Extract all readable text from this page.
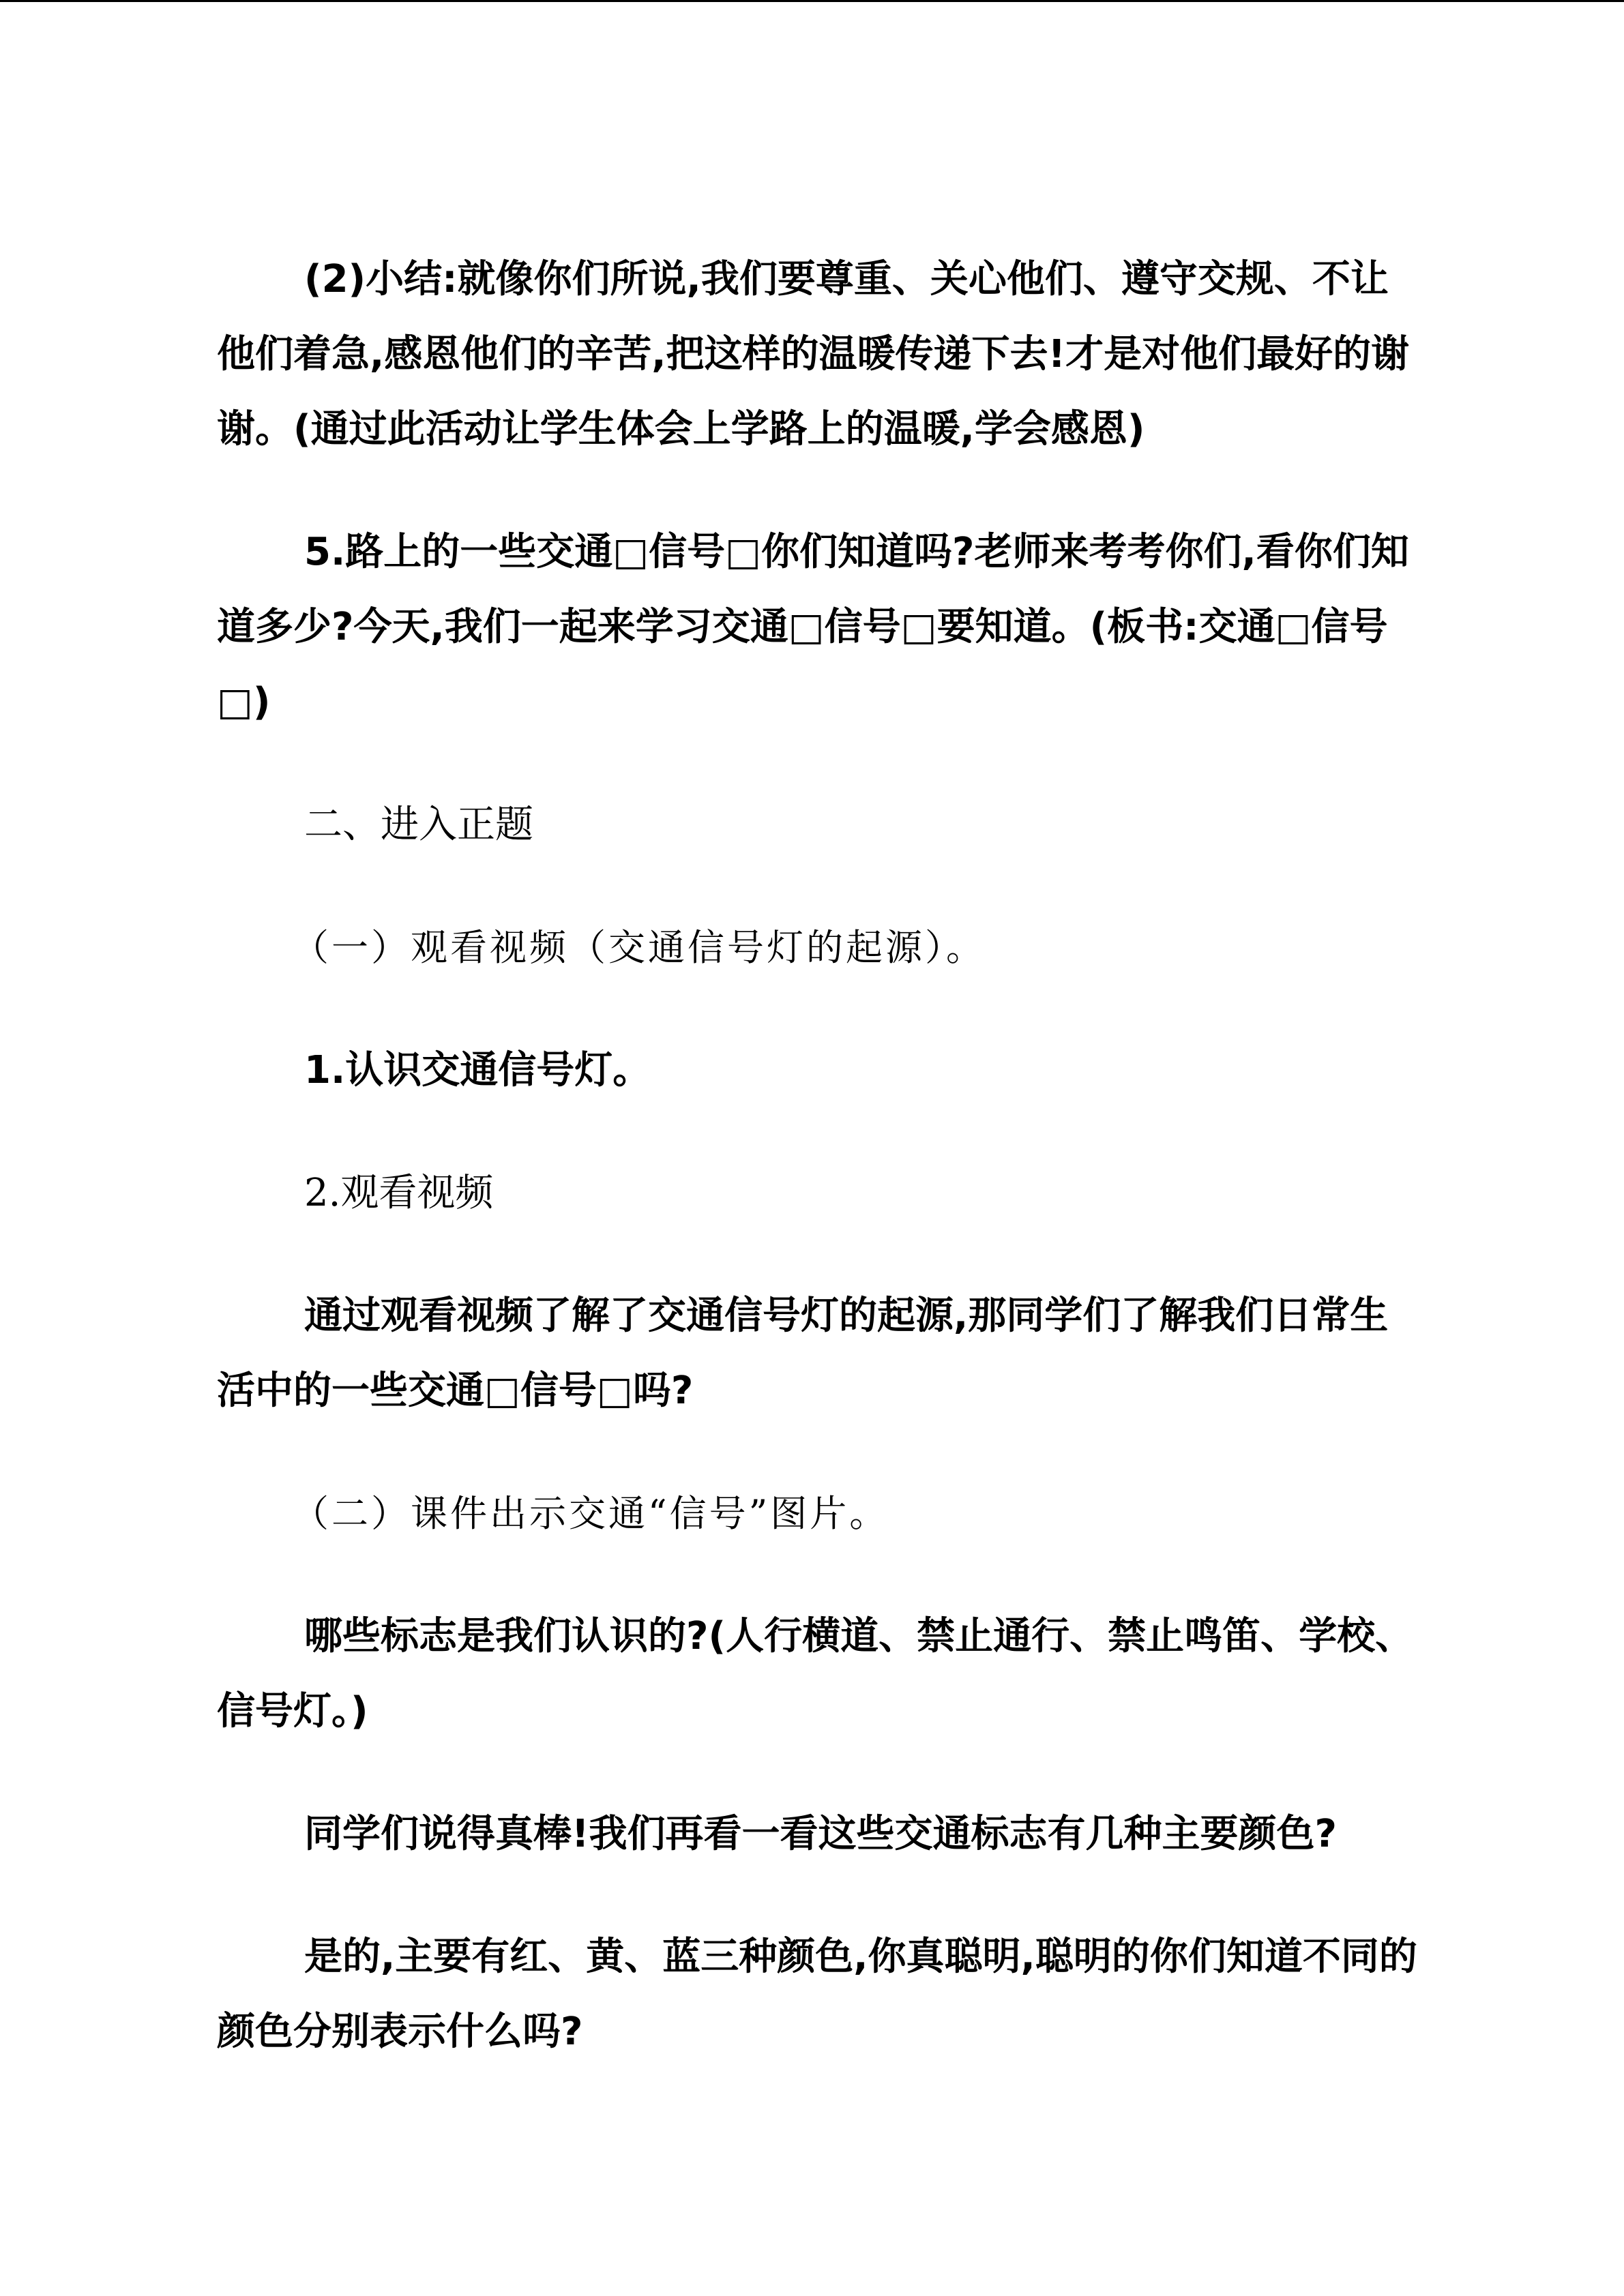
(2)小结:就像你们所说,我们要尊重、关心他们、遵守交规、不让他们着急,感恩他们的辛苦,把这样的温暖传递下去!才是对他们最好的谢谢。(通过此活动让学生体会上学路上的温暖,学会感恩)

5.路上的一些交通□信号□你们知道吗?老师来考考你们,看你们知道多少?今天,我们一起来学习交通□信号□要知道。(板书:交通□信号□)

二、进入正题

（一）观看视频（交通信号灯的起源）。

1.认识交通信号灯。

2.观看视频

通过观看视频了解了交通信号灯的起源,那同学们了解我们日常生活中的一些交通□信号□吗?

（二）课件出示交通“信号”图片。

哪些标志是我们认识的?(人行横道、禁止通行、禁止鸣笛、学校、信号灯。)

同学们说得真棒!我们再看一看这些交通标志有几种主要颜色?

是的,主要有红、黄、蓝三种颜色,你真聪明,聪明的你们知道不同的颜色分别表示什么吗?
